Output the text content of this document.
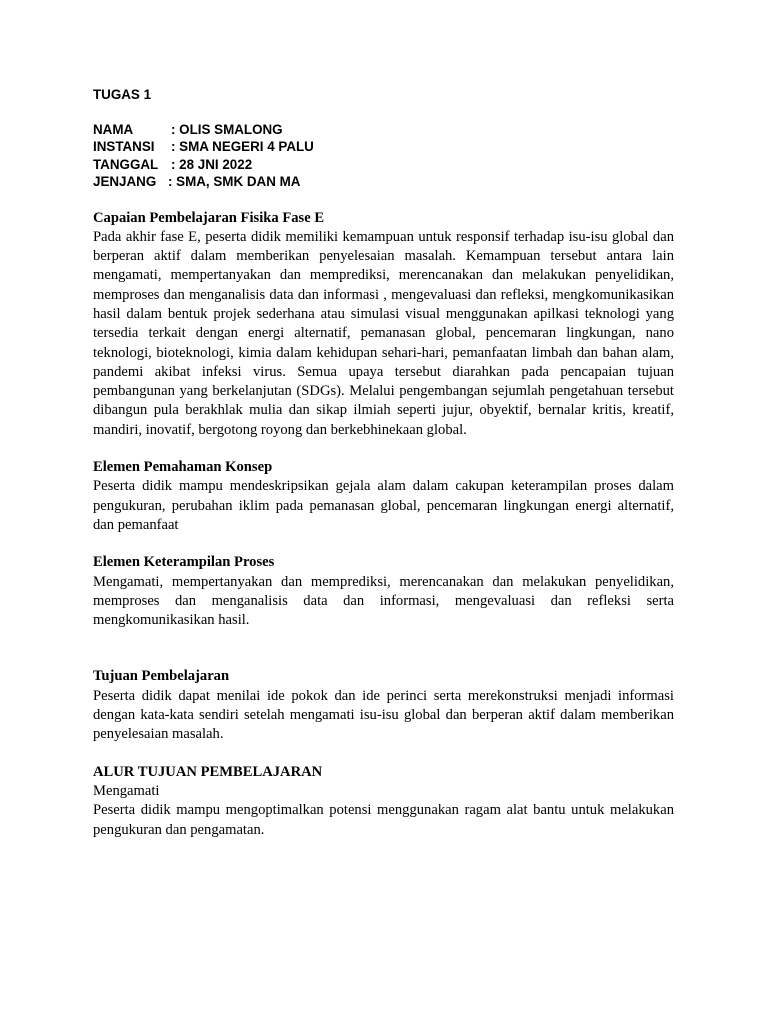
TUGAS 1

NAMA	: OLIS SMALONG
INSTANSI	: SMA NEGERI 4 PALU
TANGGAL : 28 JNI 2022
JENJANG : SMA, SMK DAN MA

Capaian Pembelajaran Fisika Fase E

Pada akhir fase E, peserta didik memiliki kemampuan untuk responsif terhadap isu-isu global dan berperan aktif dalam memberikan penyelesaian masalah. Kemampuan tersebut antara lain mengamati, mempertanyakan dan memprediksi, merencanakan dan melakukan penyelidikan, memproses dan menganalisis data dan informasi , mengevaluasi dan refleksi, mengkomunikasikan hasil dalam bentuk projek sederhana atau simulasi visual menggunakan apilkasi teknologi yang tersedia terkait dengan energi alternatif, pemanasan global, pencemaran lingkungan, nano teknologi, bioteknologi, kimia dalam kehidupan sehari-hari, pemanfaatan limbah dan bahan alam, pandemi akibat infeksi virus. Semua upaya tersebut diarahkan pada pencapaian tujuan pembangunan yang berkelanjutan (SDGs). Melalui pengembangan sejumlah pengetahuan tersebut dibangun pula berakhlak mulia dan sikap ilmiah seperti jujur, obyektif, bernalar kritis, kreatif, mandiri, inovatif, bergotong royong dan berkebhinekaan global.

Elemen Pemahaman Konsep

Peserta didik mampu mendeskripsikan gejala alam dalam cakupan keterampilan proses dalam pengukuran, perubahan iklim pada pemanasan global, pencemaran lingkungan energi alternatif, dan pemanfaat

Elemen Keterampilan Proses

Mengamati, mempertanyakan dan memprediksi, merencanakan dan melakukan penyelidikan, memproses dan menganalisis data dan informasi, mengevaluasi dan refleksi serta mengkomunikasikan hasil.

Tujuan Pembelajaran

Peserta didik dapat menilai ide pokok dan ide perinci serta merekonstruksi menjadi informasi dengan kata-kata sendiri setelah mengamati isu-isu global dan berperan aktif dalam memberikan penyelesaian masalah.

ALUR TUJUAN PEMBELAJARAN

Mengamati

Peserta didik mampu mengoptimalkan potensi menggunakan ragam alat bantu untuk melakukan pengukuran dan pengamatan.
